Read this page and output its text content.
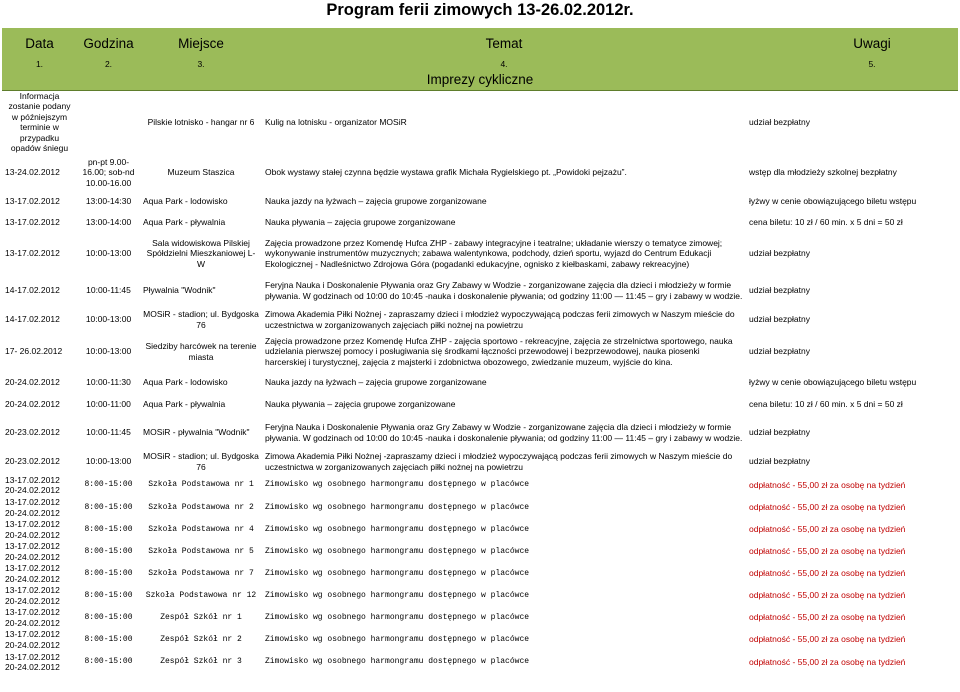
Program ferii zimowych 13-26.02.2012r.
Data	Godzina	Miejsce	Temat	Uwagi
1.	2.	3.	4.	5.
Imprezy cykliczne				
Informacja zostanie podany w późniejszym terminie w przypadku opadów śniegu		Pilskie lotnisko - hangar nr 6	Kulig na lotnisku - organizator MOSiR	udział bezpłatny
13-24.02.2012	pn-pt 9.00-16.00; sob-nd 10.00-16.00	Muzeum Staszica	Obok wystawy stałej czynna będzie wystawa grafik Michała Rygielskiego pt. „Powidoki pejzażu”.	wstęp dla młodzieży szkolnej bezpłatny
13-17.02.2012	13:00-14:30	Aqua Park - lodowisko	Nauka jazdy na łyżwach – zajęcia grupowe zorganizowane	łyżwy w cenie obowiązującego biletu wstępu
13-17.02.2012	13:00-14:00	Aqua Park - pływalnia	Nauka pływania – zajęcia grupowe zorganizowane	cena biletu: 10 zł / 60 min. x 5 dni = 50 zł
13-17.02.2012	10:00-13:00	Sala widowiskowa Pilskiej Spółdzielni Mieszkaniowej L-W	Zajęcia prowadzone przez Komendę Hufca ZHP - zabawy integracyjne i teatralne; układanie wierszy o tematyce zimowej; wykonywanie instrumentów muzycznych; zabawa walentynkowa, podchody, dzień sportu, wyjazd do Centrum Edukacji Ekologicznej - Nadleśnictwo Zdrojowa Góra (pogadanki edukacyjne, ognisko z kiełbaskami, zabawy rekreacyjne)	udział bezpłatny
14-17.02.2012	10:00-11:45	Pływalnia "Wodnik"	Feryjna Nauka i Doskonalenie Pływania oraz Gry Zabawy w Wodzie - zorganizowane zajęcia dla dzieci i młodzieży w formie pływania. W godzinach od 10:00 do 10:45 -nauka i doskonalenie pływania; od godziny 11:00 — 11:45 – gry i zabawy w wodzie.	udział bezpłatny
14-17.02.2012	10:00-13:00	MOSiR - stadion; ul. Bydgoska 76	Zimowa Akademia Piłki Nożnej - zapraszamy dzieci i młodzież wypoczywającą podczas ferii zimowych w Naszym mieście do uczestnictwa w zorganizowanych zajęciach piłki nożnej na powietrzu	udział bezpłatny
17- 26.02.2012	10:00-13:00	Siedziby harcówek na terenie miasta	Zajęcia prowadzone przez Komendę Hufca ZHP - zajęcia sportowo - rekreacyjne, zajęcia ze strzelnictwa sportowego, nauka udzielania pierwszej pomocy i posługiwania się środkami łączności przewodowej i bezprzewodowej, nauka piosenki harcerskiej i turystycznej, zajęcia z majsterki i zdobnictwa obozowego, zwiedzanie muzeum, wyjście do kina.	udział bezpłatny
20-24.02.2012	10:00-11:30	Aqua Park - lodowisko	Nauka jazdy na łyżwach – zajęcia grupowe zorganizowane	łyżwy w cenie obowiązującego biletu wstępu
20-24.02.2012	10:00-11:00	Aqua Park - pływalnia	Nauka pływania – zajęcia grupowe zorganizowane	cena biletu: 10 zł / 60 min. x 5 dni = 50 zł
20-23.02.2012	10:00-11:45	MOSiR - pływalnia "Wodnik"	Feryjna Nauka i Doskonalenie Pływania oraz Gry Zabawy w Wodzie - zorganizowane zajęcia dla dzieci i młodzieży w formie pływania. W godzinach od 10:00 do 10:45 -nauka i doskonalenie pływania; od godziny 11:00 — 11:45 – gry i zabawy w wodzie.	udział bezpłatny
20-23.02.2012	10:00-13:00	MOSiR - stadion; ul. Bydgoska 76	Zimowa Akademia Piłki Nożnej -zapraszamy dzieci i młodzież wypoczywającą podczas ferii zimowych w Naszym mieście do uczestnictwa w zorganizowanych zajęciach piłki nożnej na powietrzu	udział bezpłatny
13-17.02.2012 20-24.02.2012	8:00-15:00	Szkoła Podstawowa nr 1	Zimowisko wg osobnego harmongramu dostępnego w placówce	odpłatność - 55,00 zł za osobę na tydzień
13-17.02.2012 20-24.02.2012	8:00-15:00	Szkoła Podstawowa nr 2	Zimowisko wg osobnego harmongramu dostępnego w placówce	odpłatność - 55,00 zł za osobę na tydzień
13-17.02.2012 20-24.02.2012	8:00-15:00	Szkoła Podstawowa nr 4	Zimowisko wg osobnego harmongramu dostępnego w placówce	odpłatność - 55,00 zł za osobę na tydzień
13-17.02.2012 20-24.02.2012	8:00-15:00	Szkoła Podstawowa nr 5	Zimowisko wg osobnego harmongramu dostępnego w placówce	odpłatność - 55,00 zł za osobę na tydzień
13-17.02.2012 20-24.02.2012	8:00-15:00	Szkoła Podstawowa nr 7	Zimowisko wg osobnego harmongramu dostępnego w placówce	odpłatność - 55,00 zł za osobę na tydzień
13-17.02.2012 20-24.02.2012	8:00-15:00	Szkoła Podstawowa nr 12	Zimowisko wg osobnego harmongramu dostępnego w placówce	odpłatność - 55,00 zł za osobę na tydzień
13-17.02.2012 20-24.02.2012	8:00-15:00	Zespół Szkół nr 1	Zimowisko wg osobnego harmongramu dostępnego w placówce	odpłatność - 55,00 zł za osobę na tydzień
13-17.02.2012 20-24.02.2012	8:00-15:00	Zespół Szkół nr 2	Zimowisko wg osobnego harmongramu dostępnego w placówce	odpłatność - 55,00 zł za osobę na tydzień
13-17.02.2012 20-24.02.2012	8:00-15:00	Zespół Szkół nr 3	Zimowisko wg osobnego harmongramu dostępnego w placówce	odpłatność - 55,00 zł za osobę na tydzień
